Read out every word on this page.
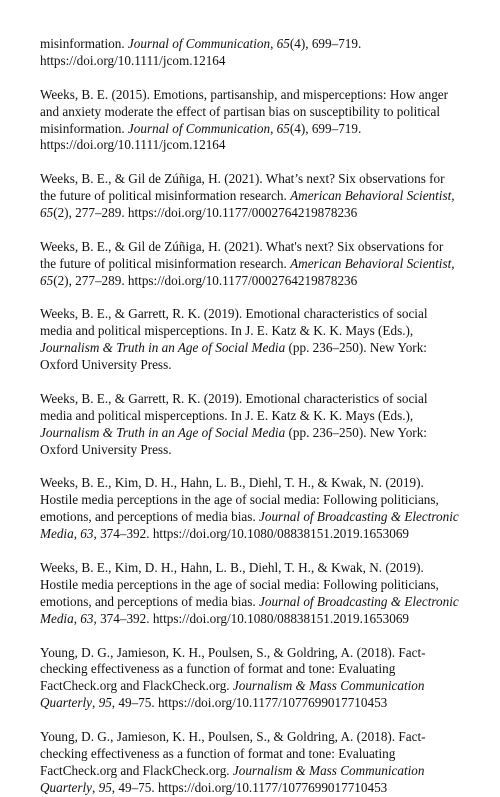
misinformation. Journal of Communication, 65(4), 699–719. https://doi.org/10.1111/jcom.12164

Weeks, B. E. (2015). Emotions, partisanship, and misperceptions: How anger and anxiety moderate the effect of partisan bias on susceptibility to political misinformation. Journal of Communication, 65(4), 699–719. https://doi.org/10.1111/jcom.12164

Weeks, B. E., & Gil de Zúñiga, H. (2021). What’s next? Six observations for the future of political misinformation research. American Behavioral Scientist, 65(2), 277–289. https://doi.org/10.1177/0002764219878236

Weeks, B. E., & Gil de Zúñiga, H. (2021). What's next? Six observations for the future of political misinformation research. American Behavioral Scientist, 65(2), 277–289. https://doi.org/10.1177/0002764219878236

Weeks, B. E., & Garrett, R. K. (2019). Emotional characteristics of social media and political misperceptions. In J. E. Katz & K. K. Mays (Eds.), Journalism & Truth in an Age of Social Media (pp. 236–250). New York: Oxford University Press.

Weeks, B. E., & Garrett, R. K. (2019). Emotional characteristics of social media and political misperceptions. In J. E. Katz & K. K. Mays (Eds.), Journalism & Truth in an Age of Social Media (pp. 236–250). New York: Oxford University Press.

Weeks, B. E., Kim, D. H., Hahn, L. B., Diehl, T. H., & Kwak, N. (2019). Hostile media perceptions in the age of social media: Following politicians, emotions, and perceptions of media bias. Journal of Broadcasting & Electronic Media, 63, 374–392. https://doi.org/10.1080/08838151.2019.1653069

Weeks, B. E., Kim, D. H., Hahn, L. B., Diehl, T. H., & Kwak, N. (2019). Hostile media perceptions in the age of social media: Following politicians, emotions, and perceptions of media bias. Journal of Broadcasting & Electronic Media, 63, 374–392. https://doi.org/10.1080/08838151.2019.1653069

Young, D. G., Jamieson, K. H., Poulsen, S., & Goldring, A. (2018). Fact-checking effectiveness as a function of format and tone: Evaluating FactCheck.org and FlackCheck.org. Journalism & Mass Communication Quarterly, 95, 49–75. https://doi.org/10.1177/1077699017710453

Young, D. G., Jamieson, K. H., Poulsen, S., & Goldring, A. (2018). Fact-checking effectiveness as a function of format and tone: Evaluating FactCheck.org and FlackCheck.org. Journalism & Mass Communication Quarterly, 95, 49–75. https://doi.org/10.1177/1077699017710453
